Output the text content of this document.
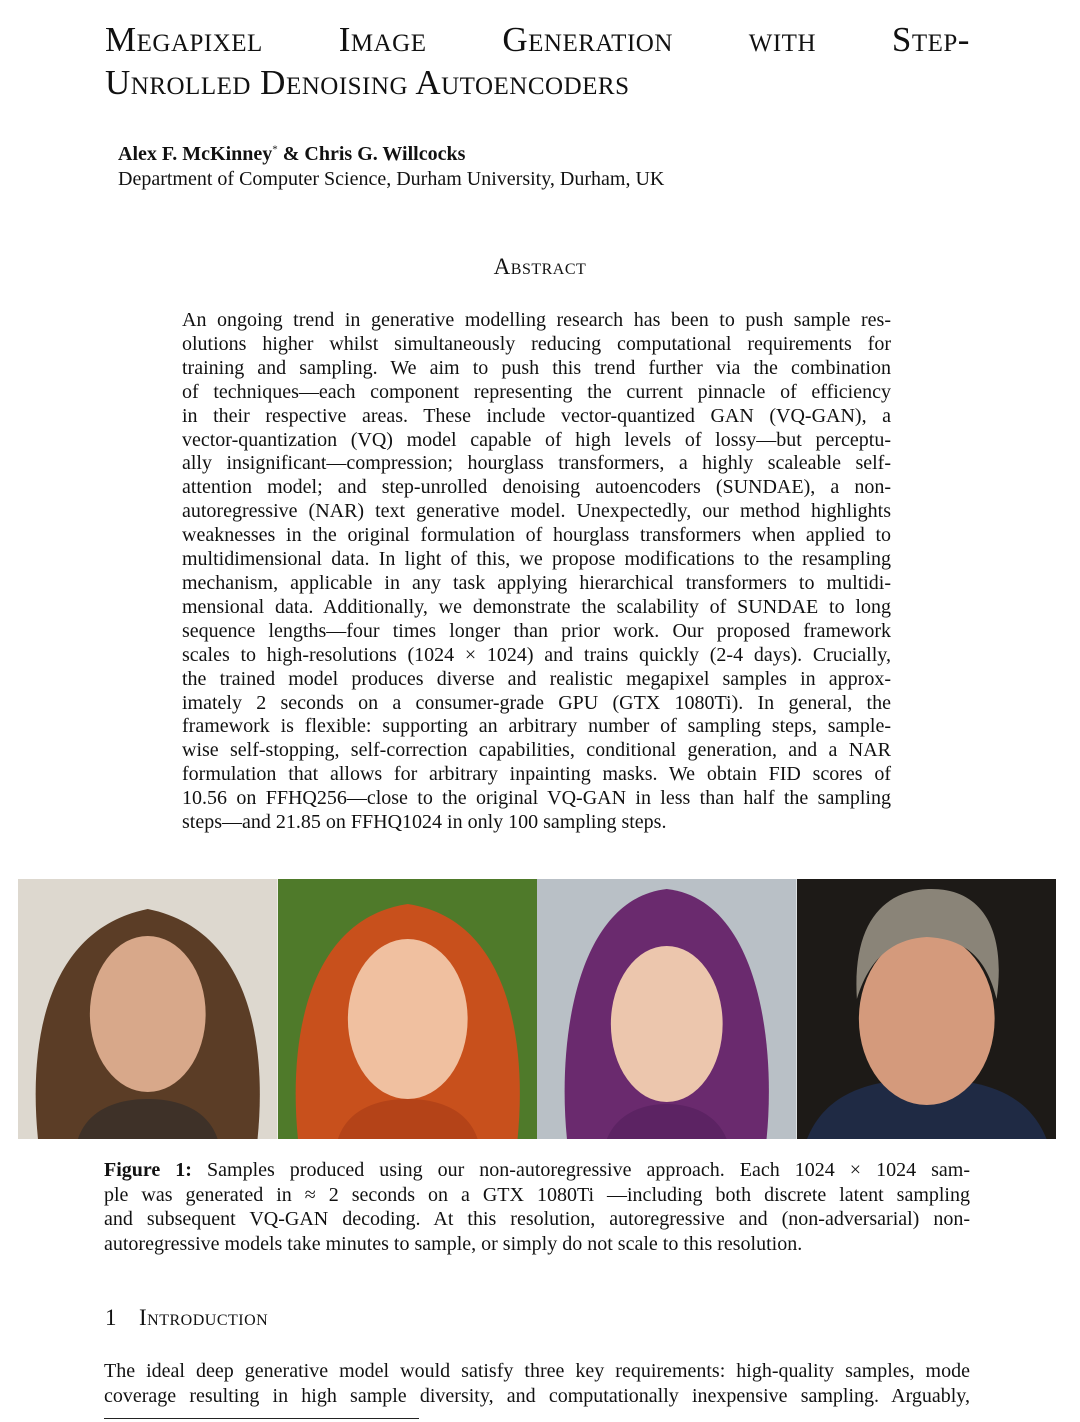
Megapixel Image Generation with Step-
Unrolled Denoising Autoencoders

Alex F. McKinney* & Chris G. Willcocks

Department of Computer Science, Durham University, Durham, UK
Abstract
An ongoing trend in generative modelling research has been to push sample res-
olutions higher whilst simultaneously reducing computational requirements for
training and sampling. We aim to push this trend further via the combination
of techniques—each component representing the current pinnacle of efficiency
in their respective areas. These include vector-quantized GAN (VQ-GAN), a
vector-quantization (VQ) model capable of high levels of lossy—but perceptu-
ally insignificant—compression; hourglass transformers, a highly scaleable self-
attention model; and step-unrolled denoising autoencoders (SUNDAE), a non-
autoregressive (NAR) text generative model. Unexpectedly, our method highlights
weaknesses in the original formulation of hourglass transformers when applied to
multidimensional data. In light of this, we propose modifications to the resampling
mechanism, applicable in any task applying hierarchical transformers to multidi-
mensional data. Additionally, we demonstrate the scalability of SUNDAE to long
sequence lengths—four times longer than prior work. Our proposed framework
scales to high-resolutions (1024 × 1024) and trains quickly (2-4 days). Crucially,
the trained model produces diverse and realistic megapixel samples in approx-
imately 2 seconds on a consumer-grade GPU (GTX 1080Ti). In general, the
framework is flexible: supporting an arbitrary number of sampling steps, sample-
wise self-stopping, self-correction capabilities, conditional generation, and a NAR
formulation that allows for arbitrary inpainting masks. We obtain FID scores of
10.56 on FFHQ256—close to the original VQ-GAN in less than half the sampling
steps—and 21.85 on FFHQ1024 in only 100 sampling steps.
Figure 1: Samples produced using our non-autoregressive approach. Each 1024 × 1024 sam-
ple was generated in ≈ 2 seconds on a GTX 1080Ti —including both discrete latent sampling
and subsequent VQ-GAN decoding. At this resolution, autoregressive and (non-adversarial) non-
autoregressive models take minutes to sample, or simply do not scale to this resolution.
1 Introduction
The ideal deep generative model would satisfy three key requirements: high-quality samples, mode
coverage resulting in high sample diversity, and computationally inexpensive sampling. Arguably,
